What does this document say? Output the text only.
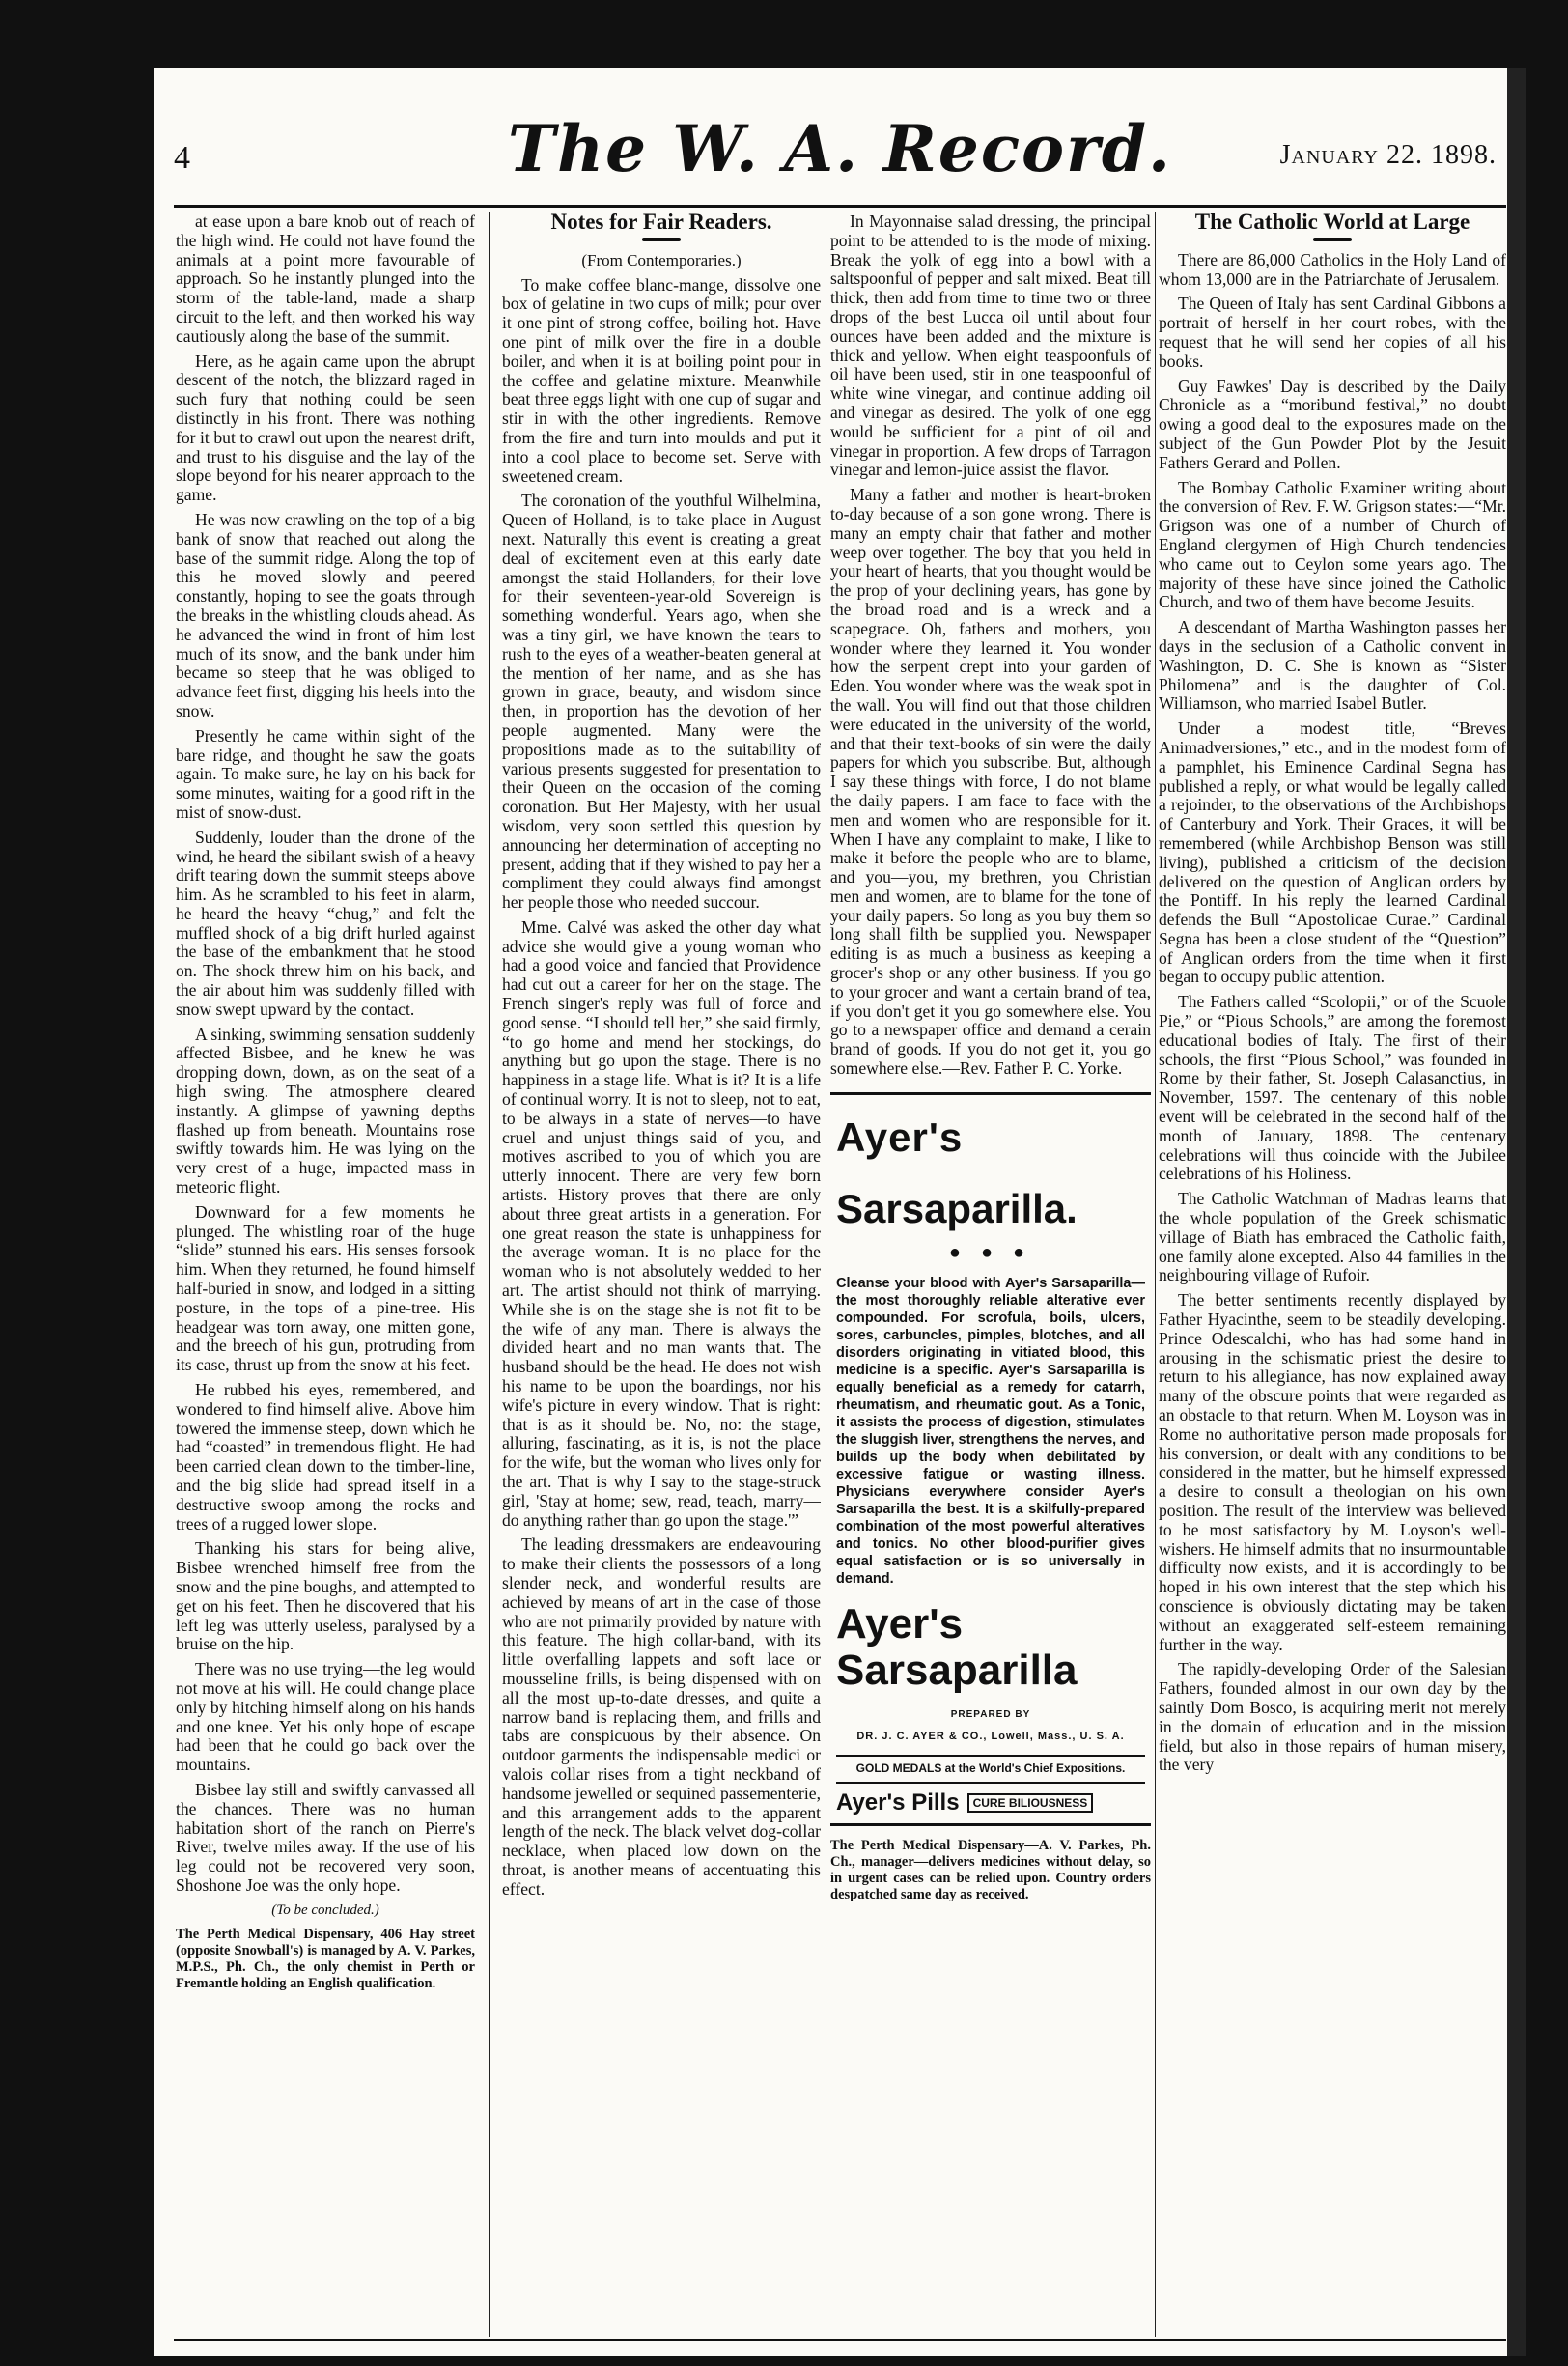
4	The W. A. Record.	January 22. 1898.

at ease upon a bare knob out of reach of the high wind. He could not have found the animals at a point more favourable of approach. So he instantly plunged into the storm of the table-land, made a sharp circuit to the left, and then worked his way cautiously along the base of the summit.

Here, as he again came upon the abrupt descent of the notch, the blizzard raged in such fury that nothing could be seen distinctly in his front. There was nothing for it but to crawl out upon the nearest drift, and trust to his disguise and the lay of the slope beyond for his nearer approach to the game.

He was now crawling on the top of a big bank of snow that reached out along the base of the summit ridge. Along the top of this he moved slowly and peered constantly, hoping to see the goats through the breaks in the whistling clouds ahead. As he advanced the wind in front of him lost much of its snow, and the bank under him became so steep that he was obliged to advance feet first, digging his heels into the snow.

Presently he came within sight of the bare ridge, and thought he saw the goats again. To make sure, he lay on his back for some minutes, waiting for a good rift in the mist of snow-dust.

Suddenly, louder than the drone of the wind, he heard the sibilant swish of a heavy drift tearing down the summit steeps above him. As he scrambled to his feet in alarm, he heard the heavy “chug,” and felt the muffled shock of a big drift hurled against the base of the embankment that he stood on. The shock threw him on his back, and the air about him was suddenly filled with snow swept upward by the contact.

A sinking, swimming sensation suddenly affected Bisbee, and he knew he was dropping down, down, as on the seat of a high swing. The atmosphere cleared instantly. A glimpse of yawning depths flashed up from beneath. Mountains rose swiftly towards him. He was lying on the very crest of a huge, impacted mass in meteoric flight.

Downward for a few moments he plunged. The whistling roar of the huge “slide” stunned his ears. His senses forsook him. When they returned, he found himself half-buried in snow, and lodged in a sitting posture, in the tops of a pine-tree. His headgear was torn away, one mitten gone, and the breech of his gun, protruding from its case, thrust up from the snow at his feet.

He rubbed his eyes, remembered, and wondered to find himself alive. Above him towered the immense steep, down which he had “coasted” in tremendous flight. He had been carried clean down to the timber-line, and the big slide had spread itself in a destructive swoop among the rocks and trees of a rugged lower slope.

Thanking his stars for being alive, Bisbee wrenched himself free from the snow and the pine boughs, and attempted to get on his feet. Then he discovered that his left leg was utterly useless, paralysed by a bruise on the hip.

There was no use trying—the leg would not move at his will. He could change place only by hitching himself along on his hands and one knee. Yet his only hope of escape had been that he could go back over the mountains.

Bisbee lay still and swiftly canvassed all the chances. There was no human habitation short of the ranch on Pierre's River, twelve miles away. If the use of his leg could not be recovered very soon, Shoshone Joe was the only hope.

(To be concluded.)

The Perth Medical Dispensary, 406 Hay street (opposite Snowball's) is managed by A. V. Parkes, M.P.S., Ph. Ch., the only chemist in Perth or Fremantle holding an English qualification.

Notes for Fair Readers.

(From Contemporaries.)

To make coffee blanc-mange, dissolve one box of gelatine in two cups of milk; pour over it one pint of strong coffee, boiling hot. Have one pint of milk over the fire in a double boiler, and when it is at boiling point pour in the coffee and gelatine mixture. Meanwhile beat three eggs light with one cup of sugar and stir in with the other ingredients. Remove from the fire and turn into moulds and put it into a cool place to become set. Serve with sweetened cream.

The coronation of the youthful Wilhelmina, Queen of Holland, is to take place in August next. Naturally this event is creating a great deal of excitement even at this early date amongst the staid Hollanders, for their love for their seventeen-year-old Sovereign is something wonderful. Years ago, when she was a tiny girl, we have known the tears to rush to the eyes of a weather-beaten general at the mention of her name, and as she has grown in grace, beauty, and wisdom since then, in proportion has the devotion of her people augmented. Many were the propositions made as to the suitability of various presents suggested for presentation to their Queen on the occasion of the coming coronation. But Her Majesty, with her usual wisdom, very soon settled this question by announcing her determination of accepting no present, adding that if they wished to pay her a compliment they could always find amongst her people those who needed succour.

Mme. Calvé was asked the other day what advice she would give a young woman who had a good voice and fancied that Providence had cut out a career for her on the stage. The French singer's reply was full of force and good sense. “I should tell her,” she said firmly, “to go home and mend her stockings, do anything but go upon the stage. There is no happiness in a stage life. What is it? It is a life of continual worry. It is not to sleep, not to eat, to be always in a state of nerves—to have cruel and unjust things said of you, and motives ascribed to you of which you are utterly innocent. There are very few born artists. History proves that there are only about three great artists in a generation. For one great reason the state is unhappiness for the average woman. It is no place for the woman who is not absolutely wedded to her art. The artist should not think of marrying. While she is on the stage she is not fit to be the wife of any man. There is always the divided heart and no man wants that. The husband should be the head. He does not wish his name to be upon the boardings, nor his wife's picture in every window. That is right: that is as it should be. No, no: the stage, alluring, fascinating, as it is, is not the place for the wife, but the woman who lives only for the art. That is why I say to the stage-struck girl, 'Stay at home; sew, read, teach, marry—do anything rather than go upon the stage.'”

The leading dressmakers are endeavouring to make their clients the possessors of a long slender neck, and wonderful results are achieved by means of art in the case of those who are not primarily provided by nature with this feature. The high collar-band, with its little overfalling lappets and soft lace or mousseline frills, is being dispensed with on all the most up-to-date dresses, and quite a narrow band is replacing them, and frills and tabs are conspicuous by their absence. On outdoor garments the indispensable medici or valois collar rises from a tight neckband of handsome jewelled or sequined passementerie, and this arrangement adds to the apparent length of the neck. The black velvet dog-collar necklace, when placed low down on the throat, is another means of accentuating this effect.

In Mayonnaise salad dressing, the principal point to be attended to is the mode of mixing. Break the yolk of egg into a bowl with a saltspoonful of pepper and salt mixed. Beat till thick, then add from time to time two or three drops of the best Lucca oil until about four ounces have been added and the mixture is thick and yellow. When eight teaspoonfuls of oil have been used, stir in one teaspoonful of white wine vinegar, and continue adding oil and vinegar as desired. The yolk of one egg would be sufficient for a pint of oil and vinegar in proportion. A few drops of Tarragon vinegar and lemon-juice assist the flavor.

Many a father and mother is heart-broken to-day because of a son gone wrong. There is many an empty chair that father and mother weep over together. The boy that you held in your heart of hearts, that you thought would be the prop of your declining years, has gone by the broad road and is a wreck and a scapegrace. Oh, fathers and mothers, you wonder where they learned it. You wonder how the serpent crept into your garden of Eden. You wonder where was the weak spot in the wall. You will find out that those children were educated in the university of the world, and that their text-books of sin were the daily papers for which you subscribe. But, although I say these things with force, I do not blame the daily papers. I am face to face with the men and women who are responsible for it. When I have any complaint to make, I like to make it before the people who are to blame, and you—you, my brethren, you Christian men and women, are to blame for the tone of your daily papers. So long as you buy them so long shall filth be supplied you. Newspaper editing is as much a business as keeping a grocer's shop or any other business. If you go to your grocer and want a certain brand of tea, if you don't get it you go somewhere else. You go to a newspaper office and demand a cerain brand of goods. If you do not get it, you go somewhere else.—Rev. Father P. C. Yorke.

Ayer's
Sarsaparilla.
● ● ●
Cleanse your blood with Ayer's Sarsaparilla—the most thoroughly reliable alterative ever compounded. For scrofula, boils, ulcers, sores, carbuncles, pimples, blotches, and all disorders originating in vitiated blood, this medicine is a specific. Ayer's Sarsaparilla is equally beneficial as a remedy for catarrh, rheumatism, and rheumatic gout. As a Tonic, it assists the process of digestion, stimulates the sluggish liver, strengthens the nerves, and builds up the body when debilitated by excessive fatigue or wasting illness. Physicians everywhere consider Ayer's Sarsaparilla the best. It is a skilfully-prepared combination of the most powerful alteratives and tonics. No other blood-purifier gives equal satisfaction or is so universally in demand.
Ayer's
Sarsaparilla
PREPARED BY
DR. J. C. AYER & CO., Lowell, Mass., U. S. A.
GOLD MEDALS at the World's Chief Expositions.
Ayer's Pills CURE BILIOUSNESS

The Perth Medical Dispensary—A. V. Parkes, Ph. Ch., manager—delivers medicines without delay, so in urgent cases can be relied upon. Country orders despatched same day as received.

The Catholic World at Large

There are 86,000 Catholics in the Holy Land of whom 13,000 are in the Patriarchate of Jerusalem.

The Queen of Italy has sent Cardinal Gibbons a portrait of herself in her court robes, with the request that he will send her copies of all his books.

Guy Fawkes' Day is described by the Daily Chronicle as a “moribund festival,” no doubt owing a good deal to the exposures made on the subject of the Gun Powder Plot by the Jesuit Fathers Gerard and Pollen.

The Bombay Catholic Examiner writing about the conversion of Rev. F. W. Grigson states:—“Mr. Grigson was one of a number of Church of England clergymen of High Church tendencies who came out to Ceylon some years ago. The majority of these have since joined the Catholic Church, and two of them have become Jesuits.

A descendant of Martha Washington passes her days in the seclusion of a Catholic convent in Washington, D. C. She is known as “Sister Philomena” and is the daughter of Col. Williamson, who married Isabel Butler.

Under a modest title, “Breves Animadversiones,” etc., and in the modest form of a pamphlet, his Eminence Cardinal Segna has published a reply, or what would be legally called a rejoinder, to the observations of the Archbishops of Canterbury and York. Their Graces, it will be remembered (while Archbishop Benson was still living), published a criticism of the decision delivered on the question of Anglican orders by the Pontiff. In his reply the learned Cardinal defends the Bull “Apostolicae Curae.” Cardinal Segna has been a close student of the “Question” of Anglican orders from the time when it first began to occupy public attention.

The Fathers called “Scolopii,” or of the Scuole Pie,” or “Pious Schools,” are among the foremost educational bodies of Italy. The first of their schools, the first “Pious School,” was founded in Rome by their father, St. Joseph Calasanctius, in November, 1597. The centenary of this noble event will be celebrated in the second half of the month of January, 1898. The centenary celebrations will thus coincide with the Jubilee celebrations of his Holiness.

The Catholic Watchman of Madras learns that the whole population of the Greek schismatic village of Biath has embraced the Catholic faith, one family alone excepted. Also 44 families in the neighbouring village of Rufoir.

The better sentiments recently displayed by Father Hyacinthe, seem to be steadily developing. Prince Odescalchi, who has had some hand in arousing in the schismatic priest the desire to return to his allegiance, has now explained away many of the obscure points that were regarded as an obstacle to that return. When M. Loyson was in Rome no authoritative person made proposals for his conversion, or dealt with any conditions to be considered in the matter, but he himself expressed a desire to consult a theologian on his own position. The result of the interview was believed to be most satisfactory by M. Loyson's well-wishers. He himself admits that no insurmountable difficulty now exists, and it is accordingly to be hoped in his own interest that the step which his conscience is obviously dictating may be taken without an exaggerated self-esteem remaining further in the way.

The rapidly-developing Order of the Salesian Fathers, founded almost in our own day by the saintly Dom Bosco, is acquiring merit not merely in the domain of education and in the mission field, but also in those repairs of human misery, the very
